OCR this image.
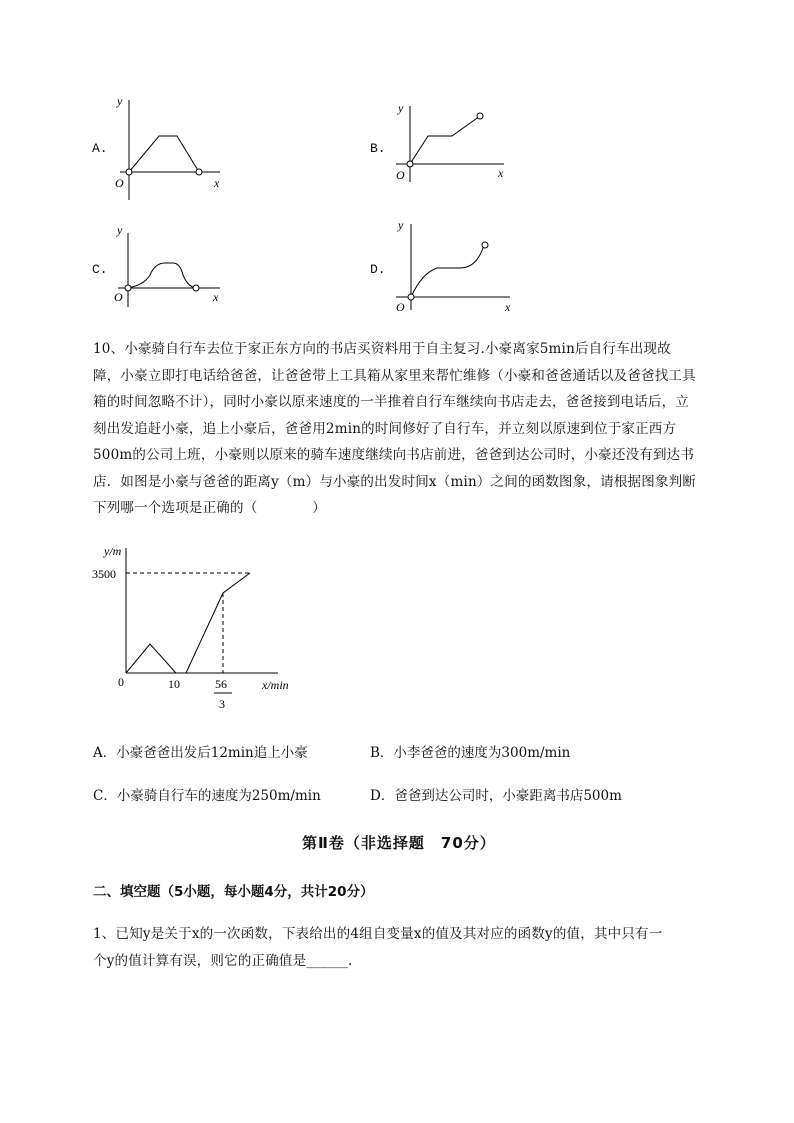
A.
y
x
O
B.
y
x
O
C.
y
x
O
D.
y
x
O

10、小豪骑自行车去位于家正东方向的书店买资料用于自主复习.小豪离家5min后自行车出现故

障，小豪立即打电话给爸爸，让爸爸带上工具箱从家里来帮忙维修（小豪和爸爸通话以及爸爸找工具

箱的时间忽略不计），同时小豪以原来速度的一半推着自行车继续向书店走去，爸爸接到电话后，立

刻出发追赶小豪，追上小豪后，爸爸用2min的时间修好了自行车，并立刻以原速到位于家正西方

500m的公司上班，小豪则以原来的骑车速度继续向书店前进，爸爸到达公司时，小豪还没有到达书

店．如图是小豪与爸爸的距离y（m）与小豪的出发时间x（min）之间的函数图象，请根据图象判断

下列哪一个选项是正确的（　　　　）

y/m
3500
0	10	56
3
x/min
A．小豪爸爸出发后12min追上小豪	B．小李爸爸的速度为300m/min
C．小豪骑自行车的速度为250m/min	D．爸爸到达公司时，小豪距离书店500m
第Ⅱ卷（非选择题　70分）
二、填空题（5小题，每小题4分，共计20分）

1、已知y是关于x的一次函数，下表给出的4组自变量x的值及其对应的函数y的值，其中只有一

个y的值计算有误，则它的正确值是______.
